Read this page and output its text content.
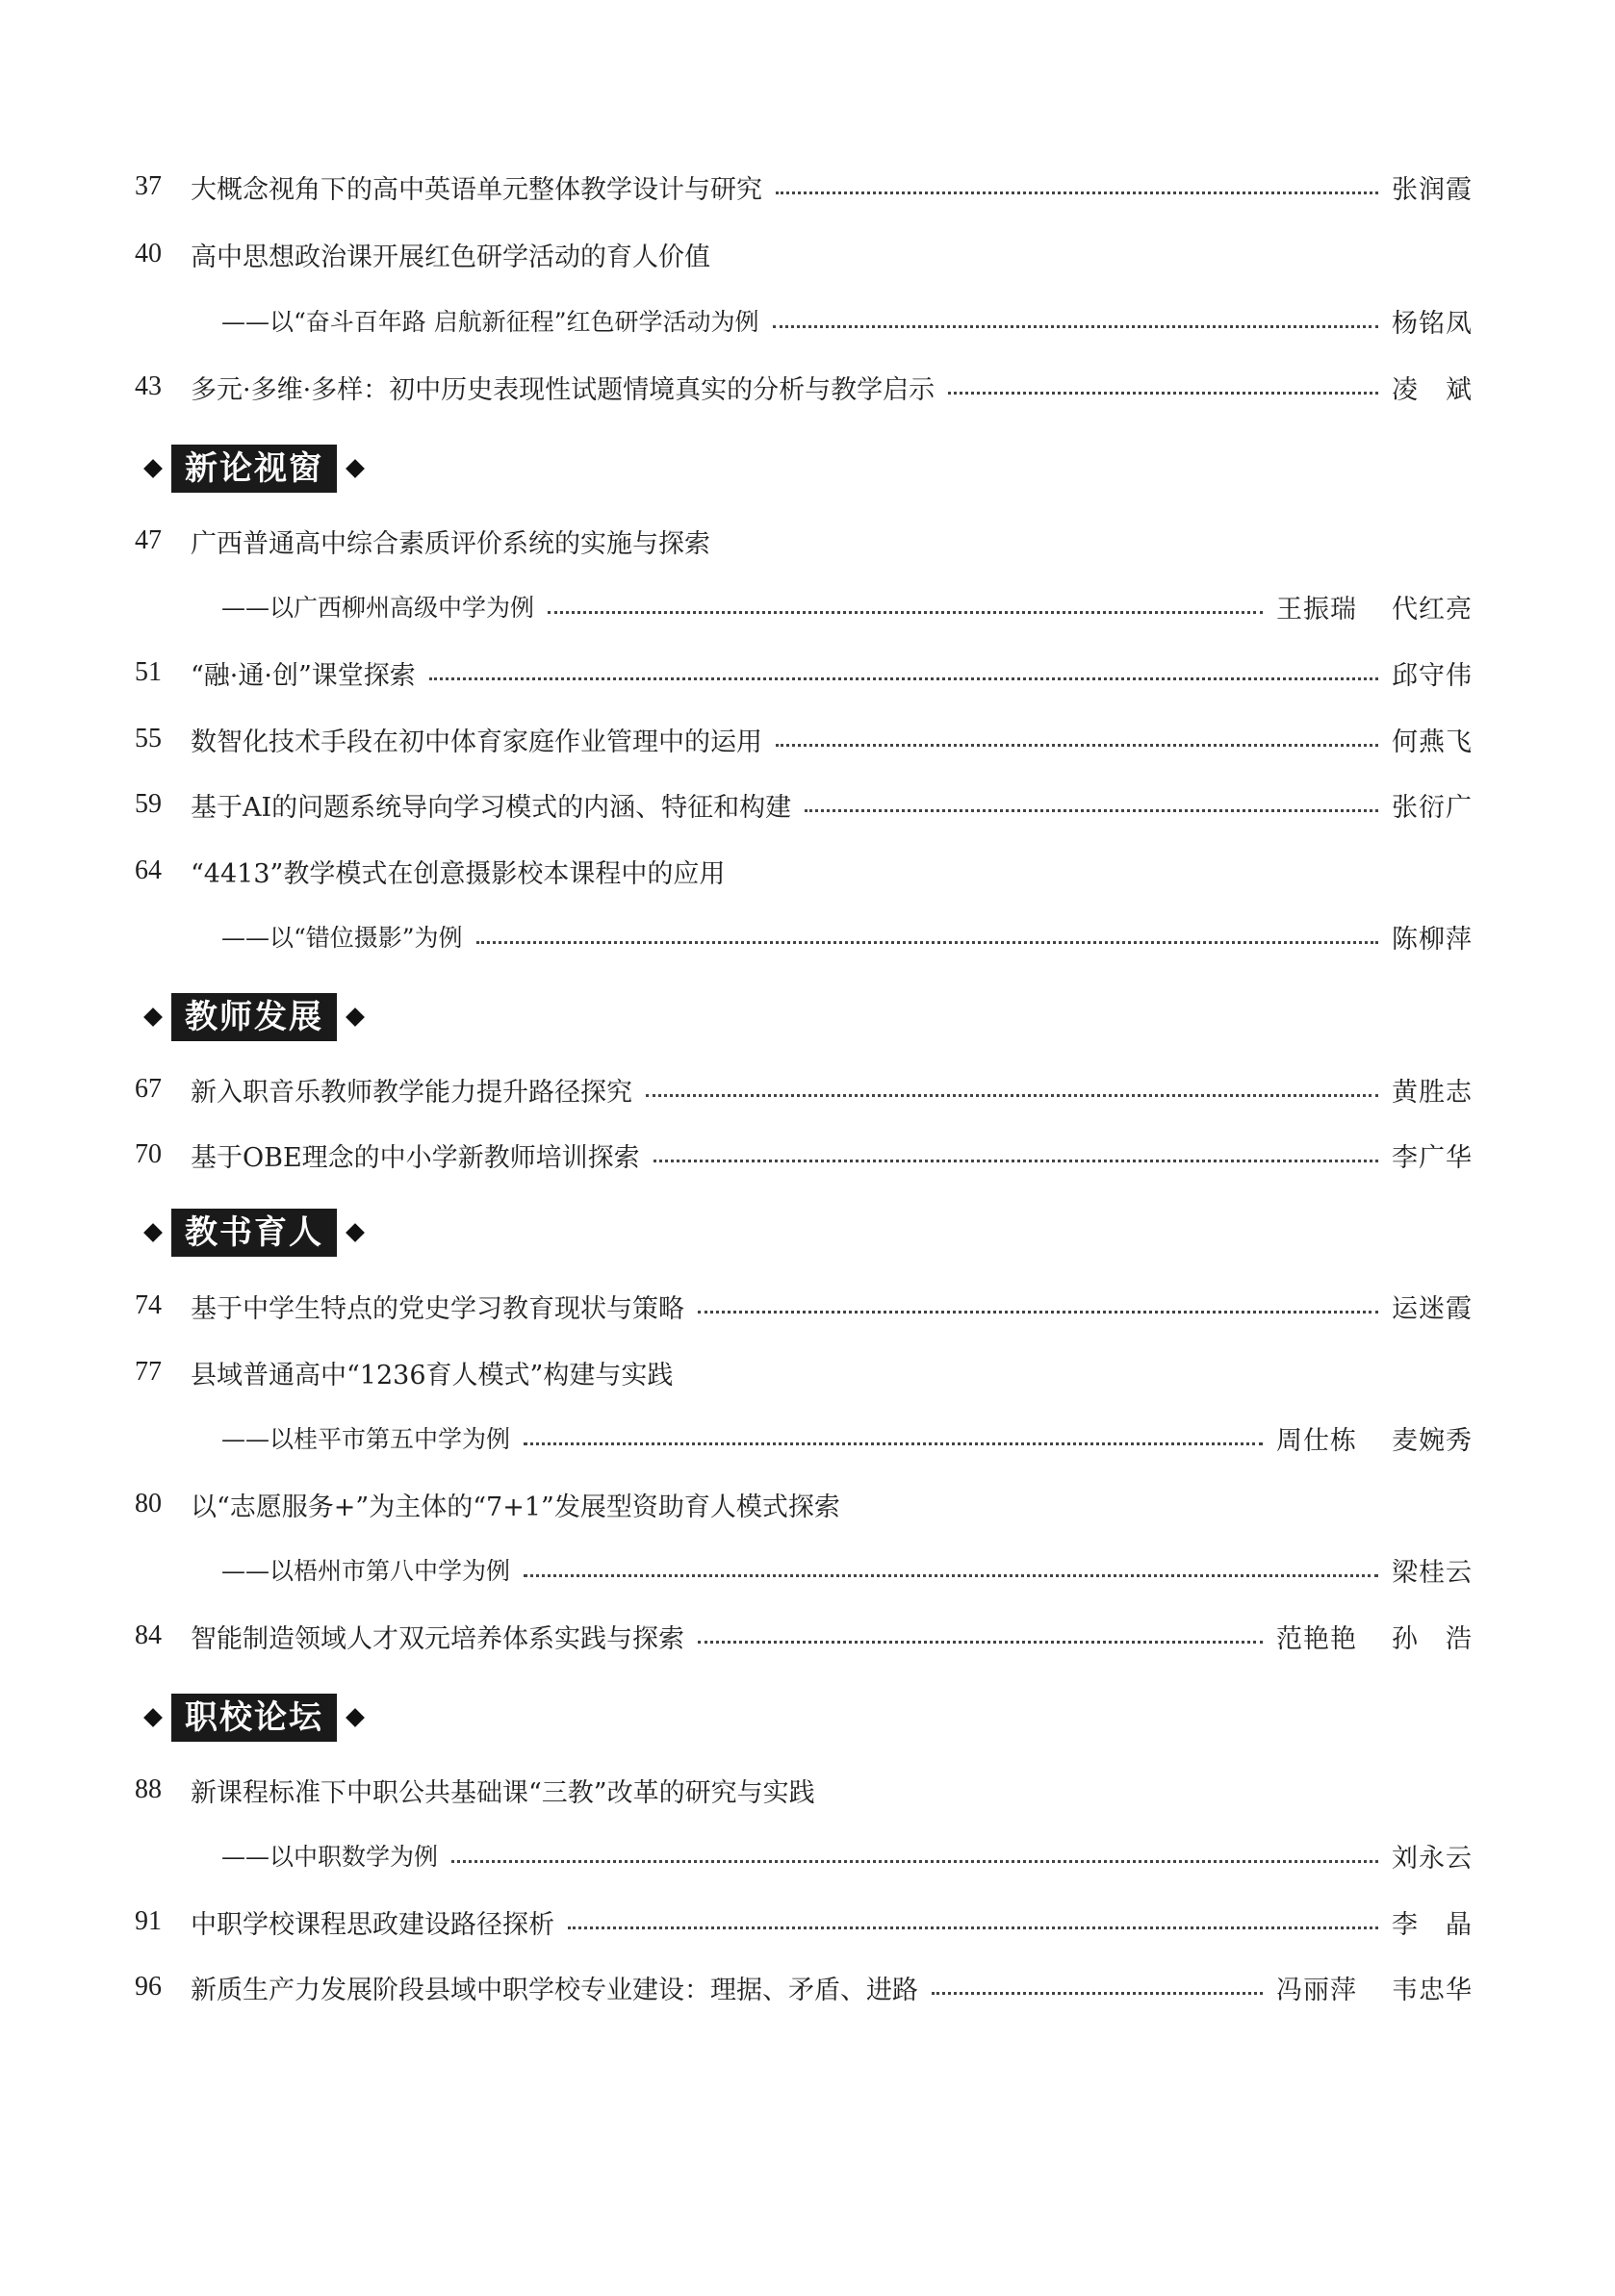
37	大概念视角下的高中英语单元整体教学设计与研究	张润霞
40	高中思想政治课开展红色研学活动的育人价值
——以“奋斗百年路 启航新征程”红色研学活动为例	杨铭凤
43	多元·多维·多样：初中历史表现性试题情境真实的分析与教学启示	凌　斌
新论视窗
47	广西普通高中综合素质评价系统的实施与探索
——以广西柳州高级中学为例	王振瑞 代红亮
51	“融·通·创”课堂探索	邱守伟
55	数智化技术手段在初中体育家庭作业管理中的运用	何燕飞
59	基于AI的问题系统导向学习模式的内涵、特征和构建	张衍广
64	“4413”教学模式在创意摄影校本课程中的应用
——以“错位摄影”为例	陈柳萍
教师发展
67	新入职音乐教师教学能力提升路径探究	黄胜志
70	基于OBE理念的中小学新教师培训探索	李广华
教书育人
74	基于中学生特点的党史学习教育现状与策略	运迷霞
77	县域普通高中“1236育人模式”构建与实践
——以桂平市第五中学为例	周仕栋 麦婉秀
80	以“志愿服务+”为主体的“7+1”发展型资助育人模式探索
——以梧州市第八中学为例	梁桂云
84	智能制造领域人才双元培养体系实践与探索	范艳艳 孙　浩
职校论坛
88	新课程标准下中职公共基础课“三教”改革的研究与实践
——以中职数学为例	刘永云
91	中职学校课程思政建设路径探析	李　晶
96	新质生产力发展阶段县域中职学校专业建设：理据、矛盾、进路	冯丽萍 韦忠华
